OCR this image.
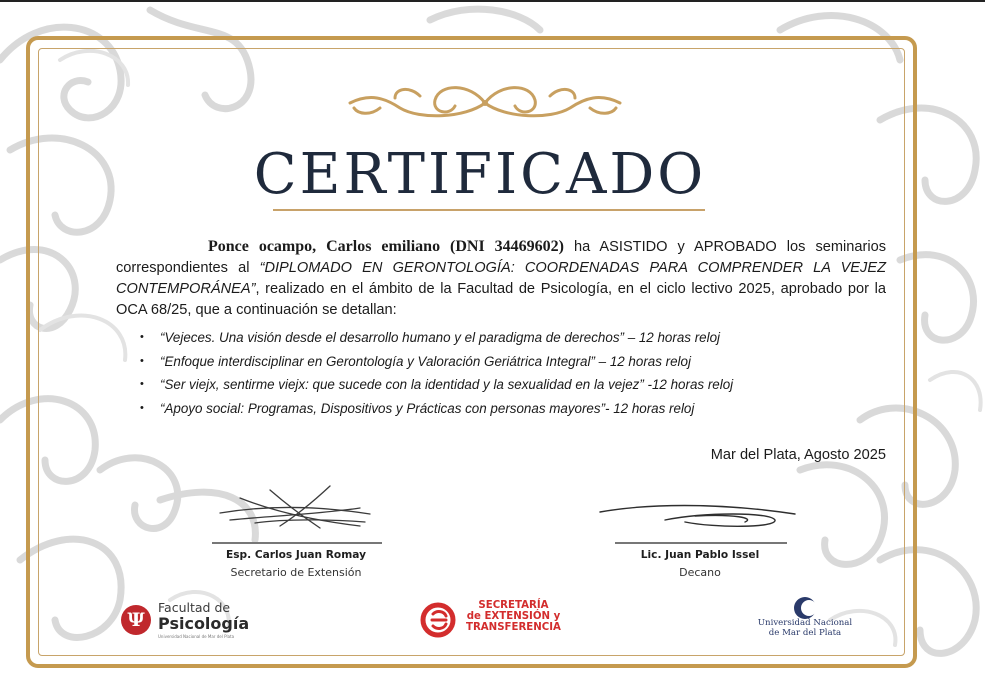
CERTIFICADO
Ponce ocampo, Carlos emiliano (DNI 34469602) ha ASISTIDO y APROBADO los seminarios correspondientes al “DIPLOMADO EN GERONTOLOGÍA: COORDENADAS PARA COMPRENDER LA VEJEZ CONTEMPORÁNEA”, realizado en el ámbito de la Facultad de Psicología, en el ciclo lectivo 2025, aprobado por la OCA 68/25, que a continuación se detallan:
• “Vejeces. Una visión desde el desarrollo humano y el paradigma de derechos” – 12 horas reloj
• “Enfoque interdisciplinar en Gerontología y Valoración Geriátrica Integral” – 12 horas reloj
• “Ser viejx, sentirme viejx: que sucede con la identidad y la sexualidad en la vejez” -12 horas reloj
• “Apoyo social: Programas, Dispositivos y Prácticas con personas mayores”- 12 horas reloj
Mar del Plata, Agosto 2025
Esp. Carlos Juan Romay
Secretario de Extensión
Lic. Juan Pablo Issel
Decano
Ψ
Facultad de
Psicología
Universidad Nacional de Mar del Plata
SECRETARÍA
de EXTENSIÓN y
TRANSFERENCIA	Universidad Nacional
de Mar del Plata
